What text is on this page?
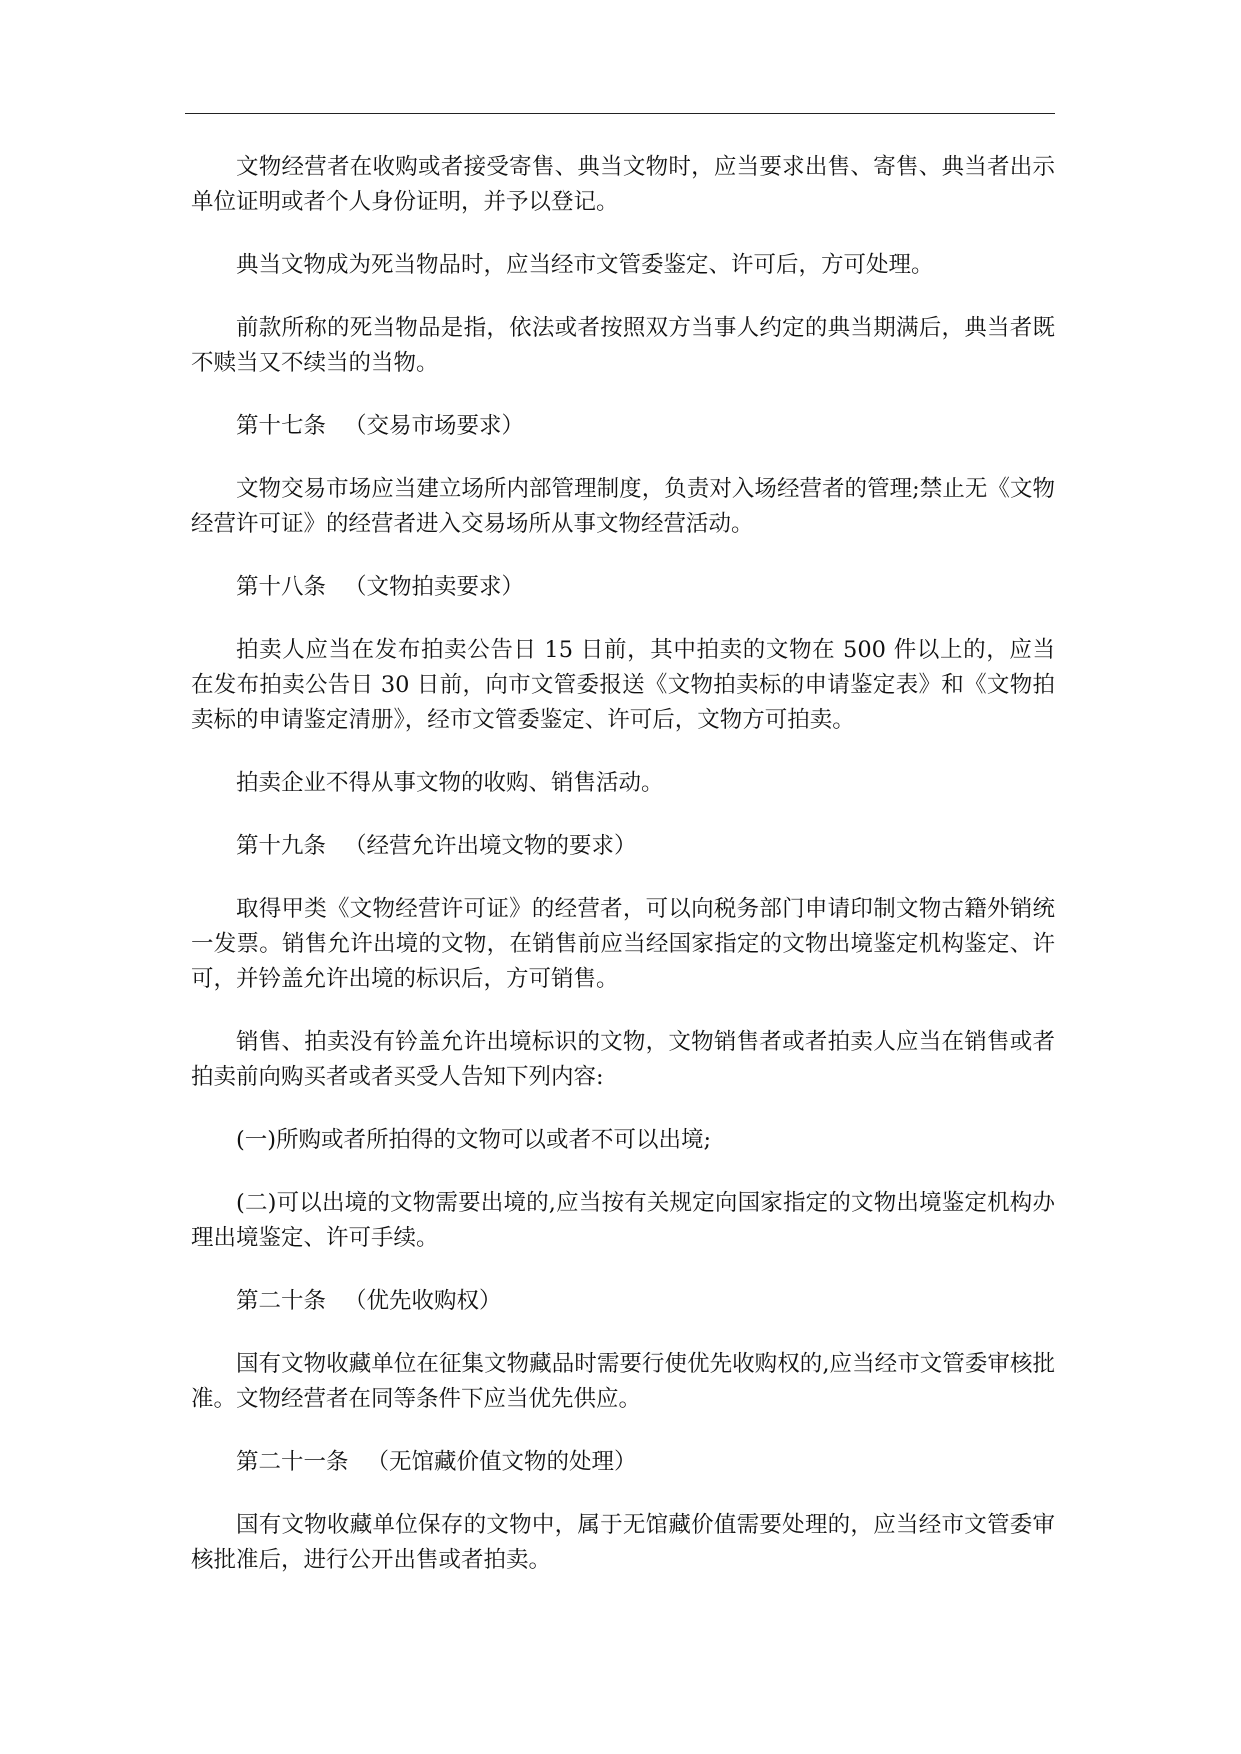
文物经营者在收购或者接受寄售、典当文物时，应当要求出售、寄售、典当者出示单位证明或者个人身份证明，并予以登记。

典当文物成为死当物品时，应当经市文管委鉴定、许可后，方可处理。

前款所称的死当物品是指，依法或者按照双方当事人约定的典当期满后，典当者既不赎当又不续当的当物。

第十七条 （交易市场要求）

文物交易市场应当建立场所内部管理制度，负责对入场经营者的管理;禁止无《文物经营许可证》的经营者进入交易场所从事文物经营活动。

第十八条 （文物拍卖要求）

拍卖人应当在发布拍卖公告日 15 日前，其中拍卖的文物在 500 件以上的，应当在发布拍卖公告日 30 日前，向市文管委报送《文物拍卖标的申请鉴定表》和《文物拍卖标的申请鉴定清册》，经市文管委鉴定、许可后，文物方可拍卖。

拍卖企业不得从事文物的收购、销售活动。

第十九条 （经营允许出境文物的要求）

取得甲类《文物经营许可证》的经营者，可以向税务部门申请印制文物古籍外销统一发票。销售允许出境的文物，在销售前应当经国家指定的文物出境鉴定机构鉴定、许可，并钤盖允许出境的标识后，方可销售。

销售、拍卖没有钤盖允许出境标识的文物，文物销售者或者拍卖人应当在销售或者拍卖前向购买者或者买受人告知下列内容:

(一)所购或者所拍得的文物可以或者不可以出境;

(二)可以出境的文物需要出境的,应当按有关规定向国家指定的文物出境鉴定机构办理出境鉴定、许可手续。

第二十条 （优先收购权）

国有文物收藏单位在征集文物藏品时需要行使优先收购权的,应当经市文管委审核批准。文物经营者在同等条件下应当优先供应。

第二十一条 （无馆藏价值文物的处理）

国有文物收藏单位保存的文物中，属于无馆藏价值需要处理的，应当经市文管委审核批准后，进行公开出售或者拍卖。
